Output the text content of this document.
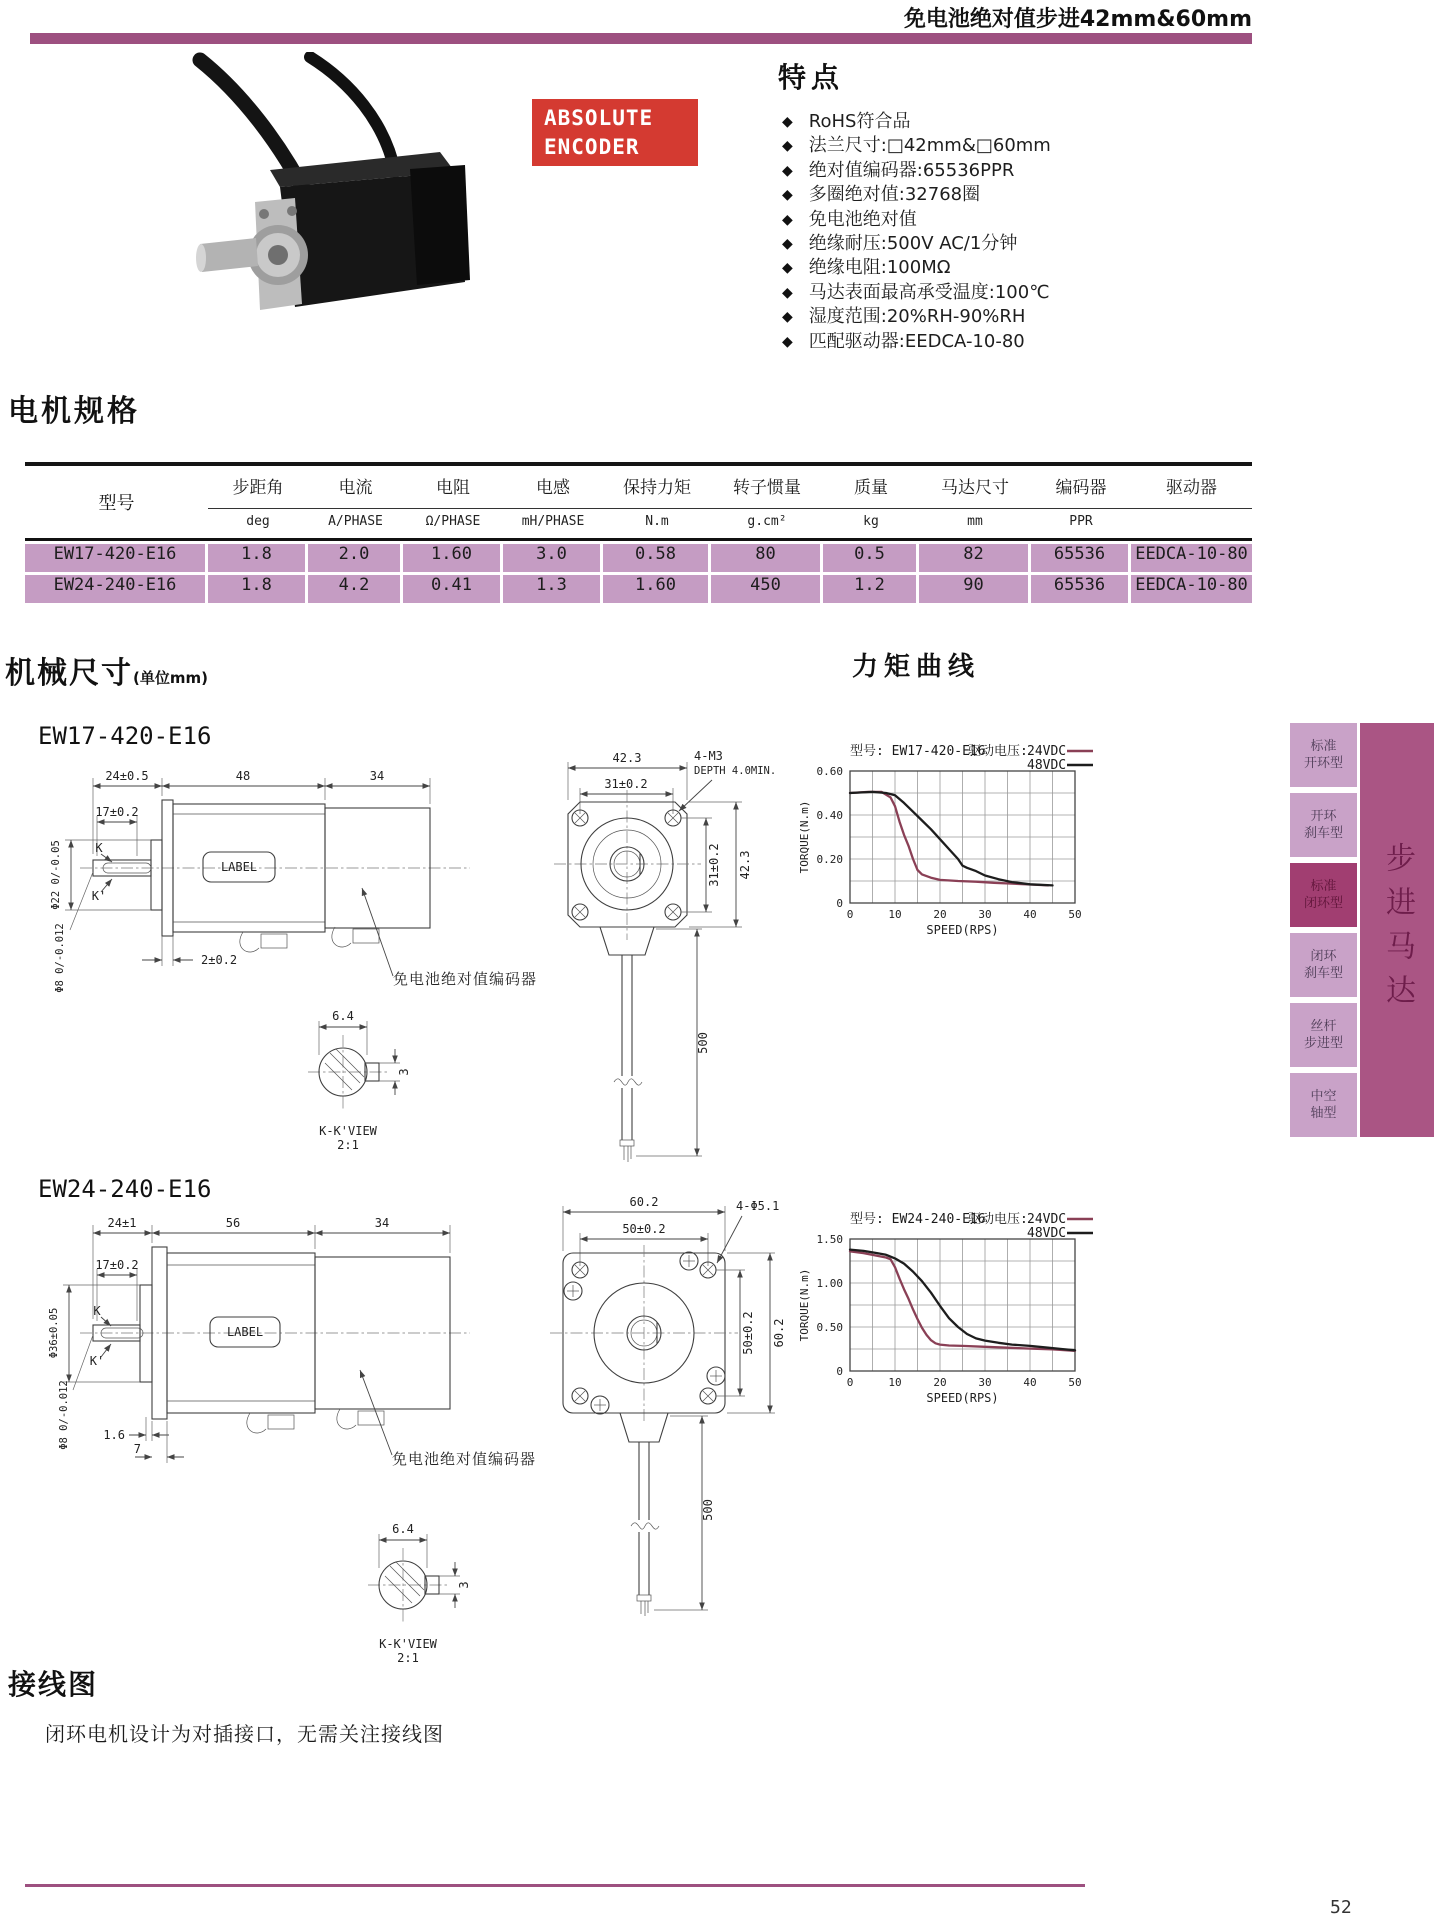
免电池绝对值步进42mm&60mm
ABSOLUTE
ENCODER
特点
◆ RoHS符合品
◆ 法兰尺寸:□42mm&□60mm
◆ 绝对值编码器:65536PPR
◆ 多圈绝对值:32768圈
◆ 免电池绝对值
◆ 绝缘耐压:500V AC/1分钟
◆ 绝缘电阻:100MΩ
◆ 马达表面最高承受温度:100℃
◆ 湿度范围:20%RH-90%RH
◆ 匹配驱动器:EEDCA-10-80
电机规格
型号
步距角	电流	电阻	电感	保持力矩	转子惯量	质量	马达尺寸	编码器	驱动器
deg	A/PHASE	Ω/PHASE	mH/PHASE	N.m	g.cm²	kg	mm	PPR
EW17-420-E16	1.8	2.0	1.60	3.0	0.58	80	0.5	82	65536	EEDCA-10-80
EW24-240-E16	1.8	4.2	0.41	1.3	1.60	450	1.2	90	65536	EEDCA-10-80
机械尺寸(单位mm)	力矩曲线
EW17-420-E16
24±0.5	48	34
17±0.2
Φ22 0/-0.05
Φ8 0/-0.012
K
K'
2±0.2
LABEL
免电池绝对值编码器
42.3
31±0.2
4-M3
DEPTH 4.0MIN.
31±0.2 42.3
500
6.4
3
K-K'VIEW
2:1
0	10	20	30	40	50
0
0.20
0.40
0.60
SPEED(RPS)
TORQUE(N.m)
型号: EW17-420-E16
驱动电压: 24VDC
48VDC
标准
开环型
开环
刹车型
标准
闭环型
闭环
刹车型
丝杆
步进型
中空
轴型
步进马达
EW24-240-E16
24±1	56	34
17±0.2
Φ36±0.05
Φ8 0/-0.012
K
K'
1.6
7
LABEL
免电池绝对值编码器
60.2
50±0.2
4-Φ5.1
50±0.2 60.2
500
6.4
3
K-K'VIEW
2:1
0	10	20	30	40	50
0
0.50
1.00
1.50
SPEED(RPS)
TORQUE(N.m)
型号: EW24-240-E16
驱动电压: 24VDC
48VDC
接线图
闭环电机设计为对插接口，无需关注接线图
52
